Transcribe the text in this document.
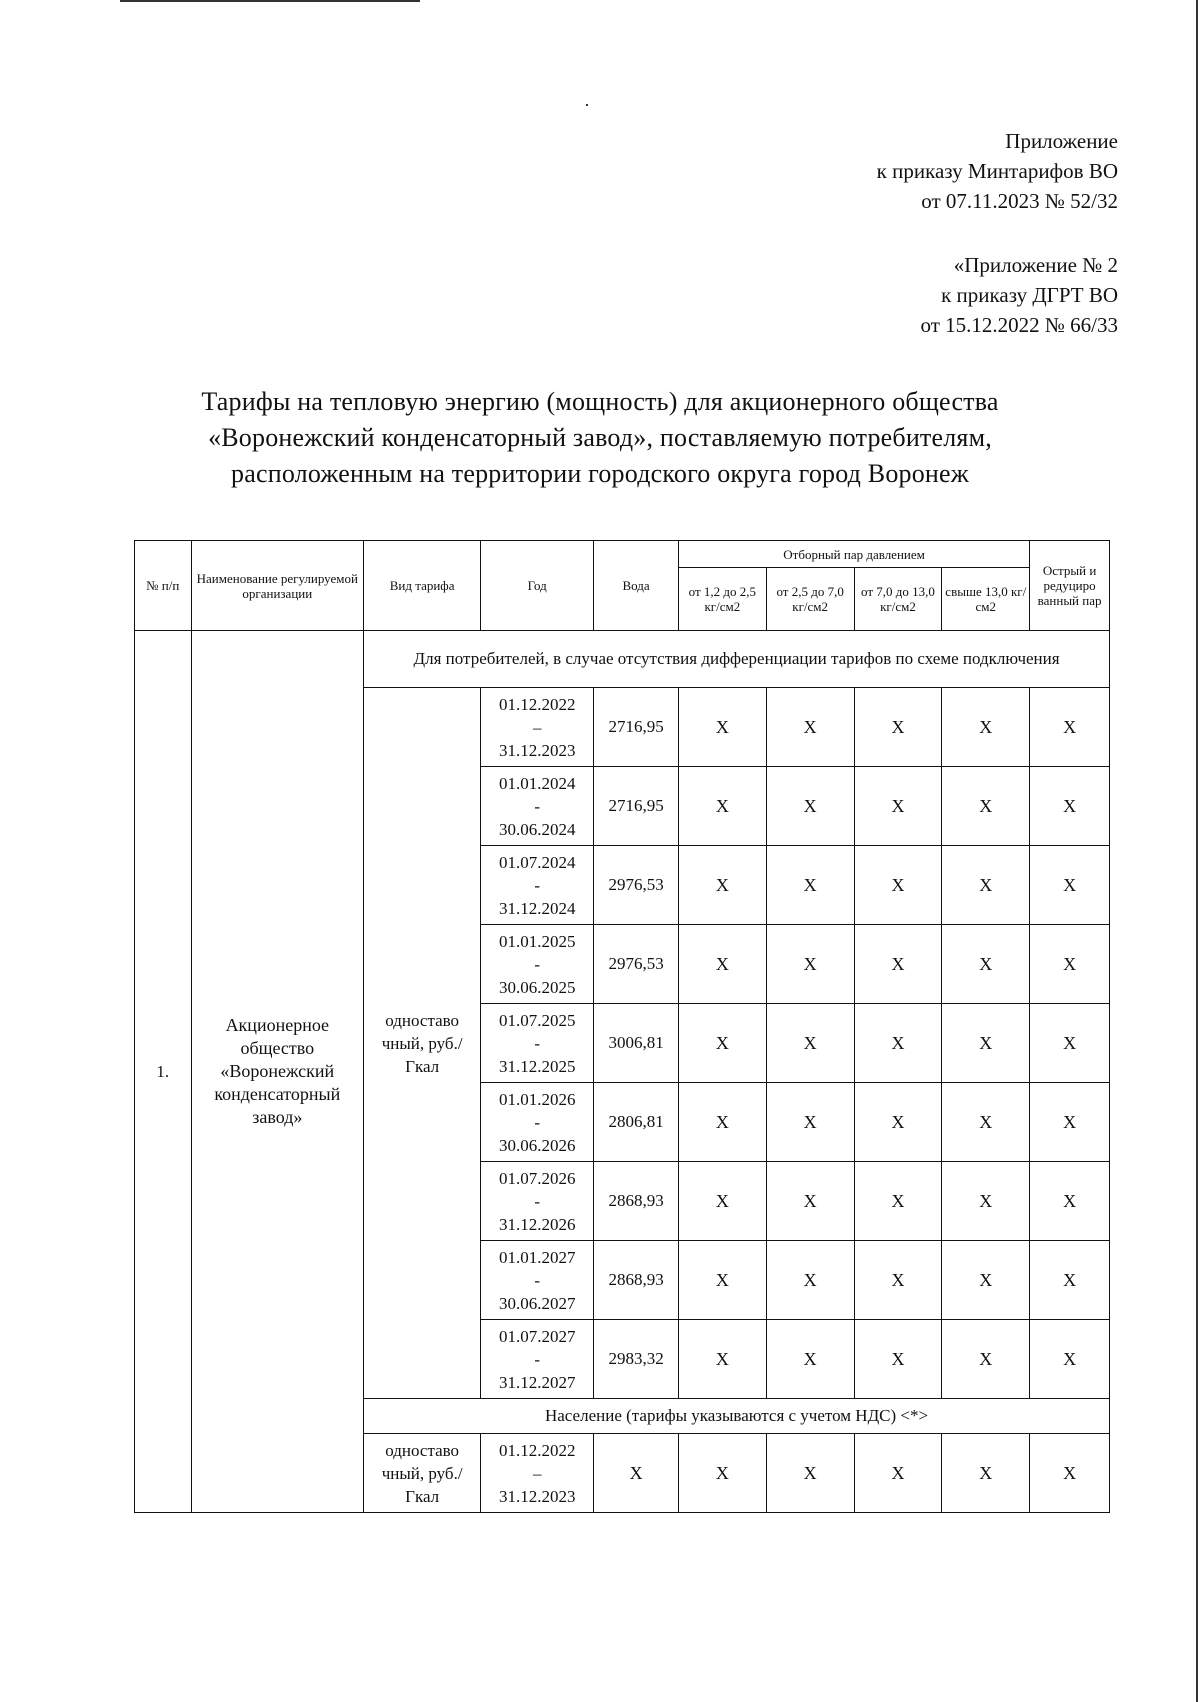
Приложение
к приказу Минтарифов ВО
от 07.11.2023 № 52/32
«Приложение № 2
к приказу ДГРТ ВО
от 15.12.2022 № 66/33
Тарифы на тепловую энергию (мощность) для акционерного общества
«Воронежский конденсаторный завод», поставляемую потребителям,
расположенным на территории городского округа город Воронеж
№ п/п	Наименование регулируемой организации	Вид тарифа	Год	Вода	Отборный пар давлением				Острый и редуциро ванный пар
					от 1,2 до 2,5 кг/см2	от 2,5 до 7,0 кг/см2	от 7,0 до 13,0 кг/см2	свыше 13,0 кг/см2	
1.	Акционерное общество «Воронежский конденсаторный завод»	Для потребителей, в случае отсутствия дифференциации тарифов по схеме подключения							
		одноставо чный, руб./Гкал	01.12.2022
–
31.12.2023	2716,95	X	X	X	X	X

			01.01.2024
-
30.06.2024	2716,95	X	X	X	X	X

			01.07.2024
-
31.12.2024	2976,53	X	X	X	X	X

			01.01.2025
-
30.06.2025	2976,53	X	X	X	X	X

			01.07.2025
-
31.12.2025	3006,81	X	X	X	X	X

			01.01.2026
-
30.06.2026	2806,81	X	X	X	X	X

			01.07.2026
-
31.12.2026	2868,93	X	X	X	X	X

			01.01.2027
-
30.06.2027	2868,93	X	X	X	X	X

			01.07.2027
-
31.12.2027	2983,32	X	X	X	X	X
		Население (тарифы указываются с учетом НДС) <*>							
		одноставо чный, руб./Гкал	01.12.2022
–
31.12.2023	X	X	X	X	X	X
